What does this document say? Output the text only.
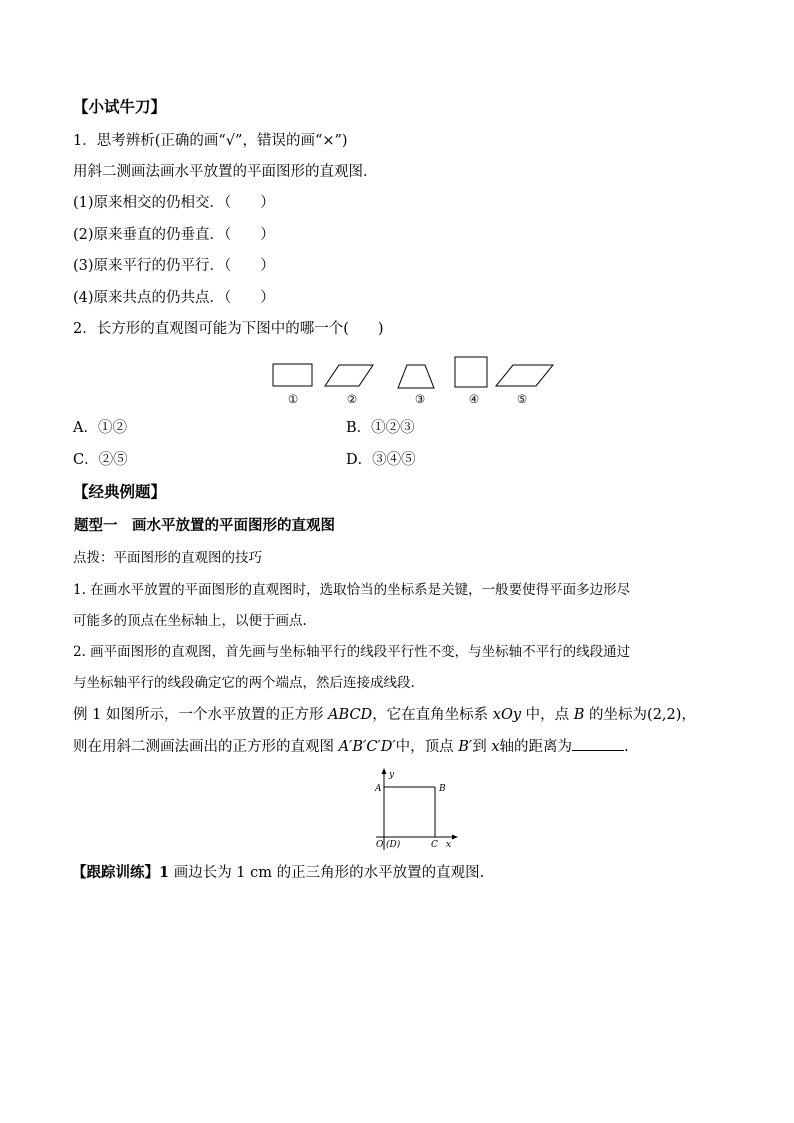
【小试牛刀】
1．思考辨析(正确的画“√”，错误的画“×”)
用斜二测画法画水平放置的平面图形的直观图．
(1)原来相交的仍相交．（　　）
(2)原来垂直的仍垂直．（　　）
(3)原来平行的仍平行．（　　）
(4)原来共点的仍共点．（　　）
2．长方形的直观图可能为下图中的哪一个(　　)
①	②	③	④	⑤
A．①②	B．①②③
C．②⑤	D．③④⑤
【经典例题】
题型一　画水平放置的平面图形的直观图
点拨：平面图形的直观图的技巧
1. 在画水平放置的平面图形的直观图时，选取恰当的坐标系是关键，一般要使得平面多边形尽
可能多的顶点在坐标轴上，以便于画点.
2. 画平面图形的直观图，首先画与坐标轴平行的线段平行性不变，与坐标轴不平行的线段通过
与坐标轴平行的线段确定它的两个端点，然后连接成线段.
例 1 如图所示，一个水平放置的正方形 ABCD，它在直角坐标系 xOy 中，点 B 的坐标为(2,2)，
则在用斜二测画法画出的正方形的直观图 A′B′C′D′中，顶点 B′到 x轴的距离为	.
y
A	B
O (D)	C x
【跟踪训练】1 画边长为 1 cm 的正三角形的水平放置的直观图.
